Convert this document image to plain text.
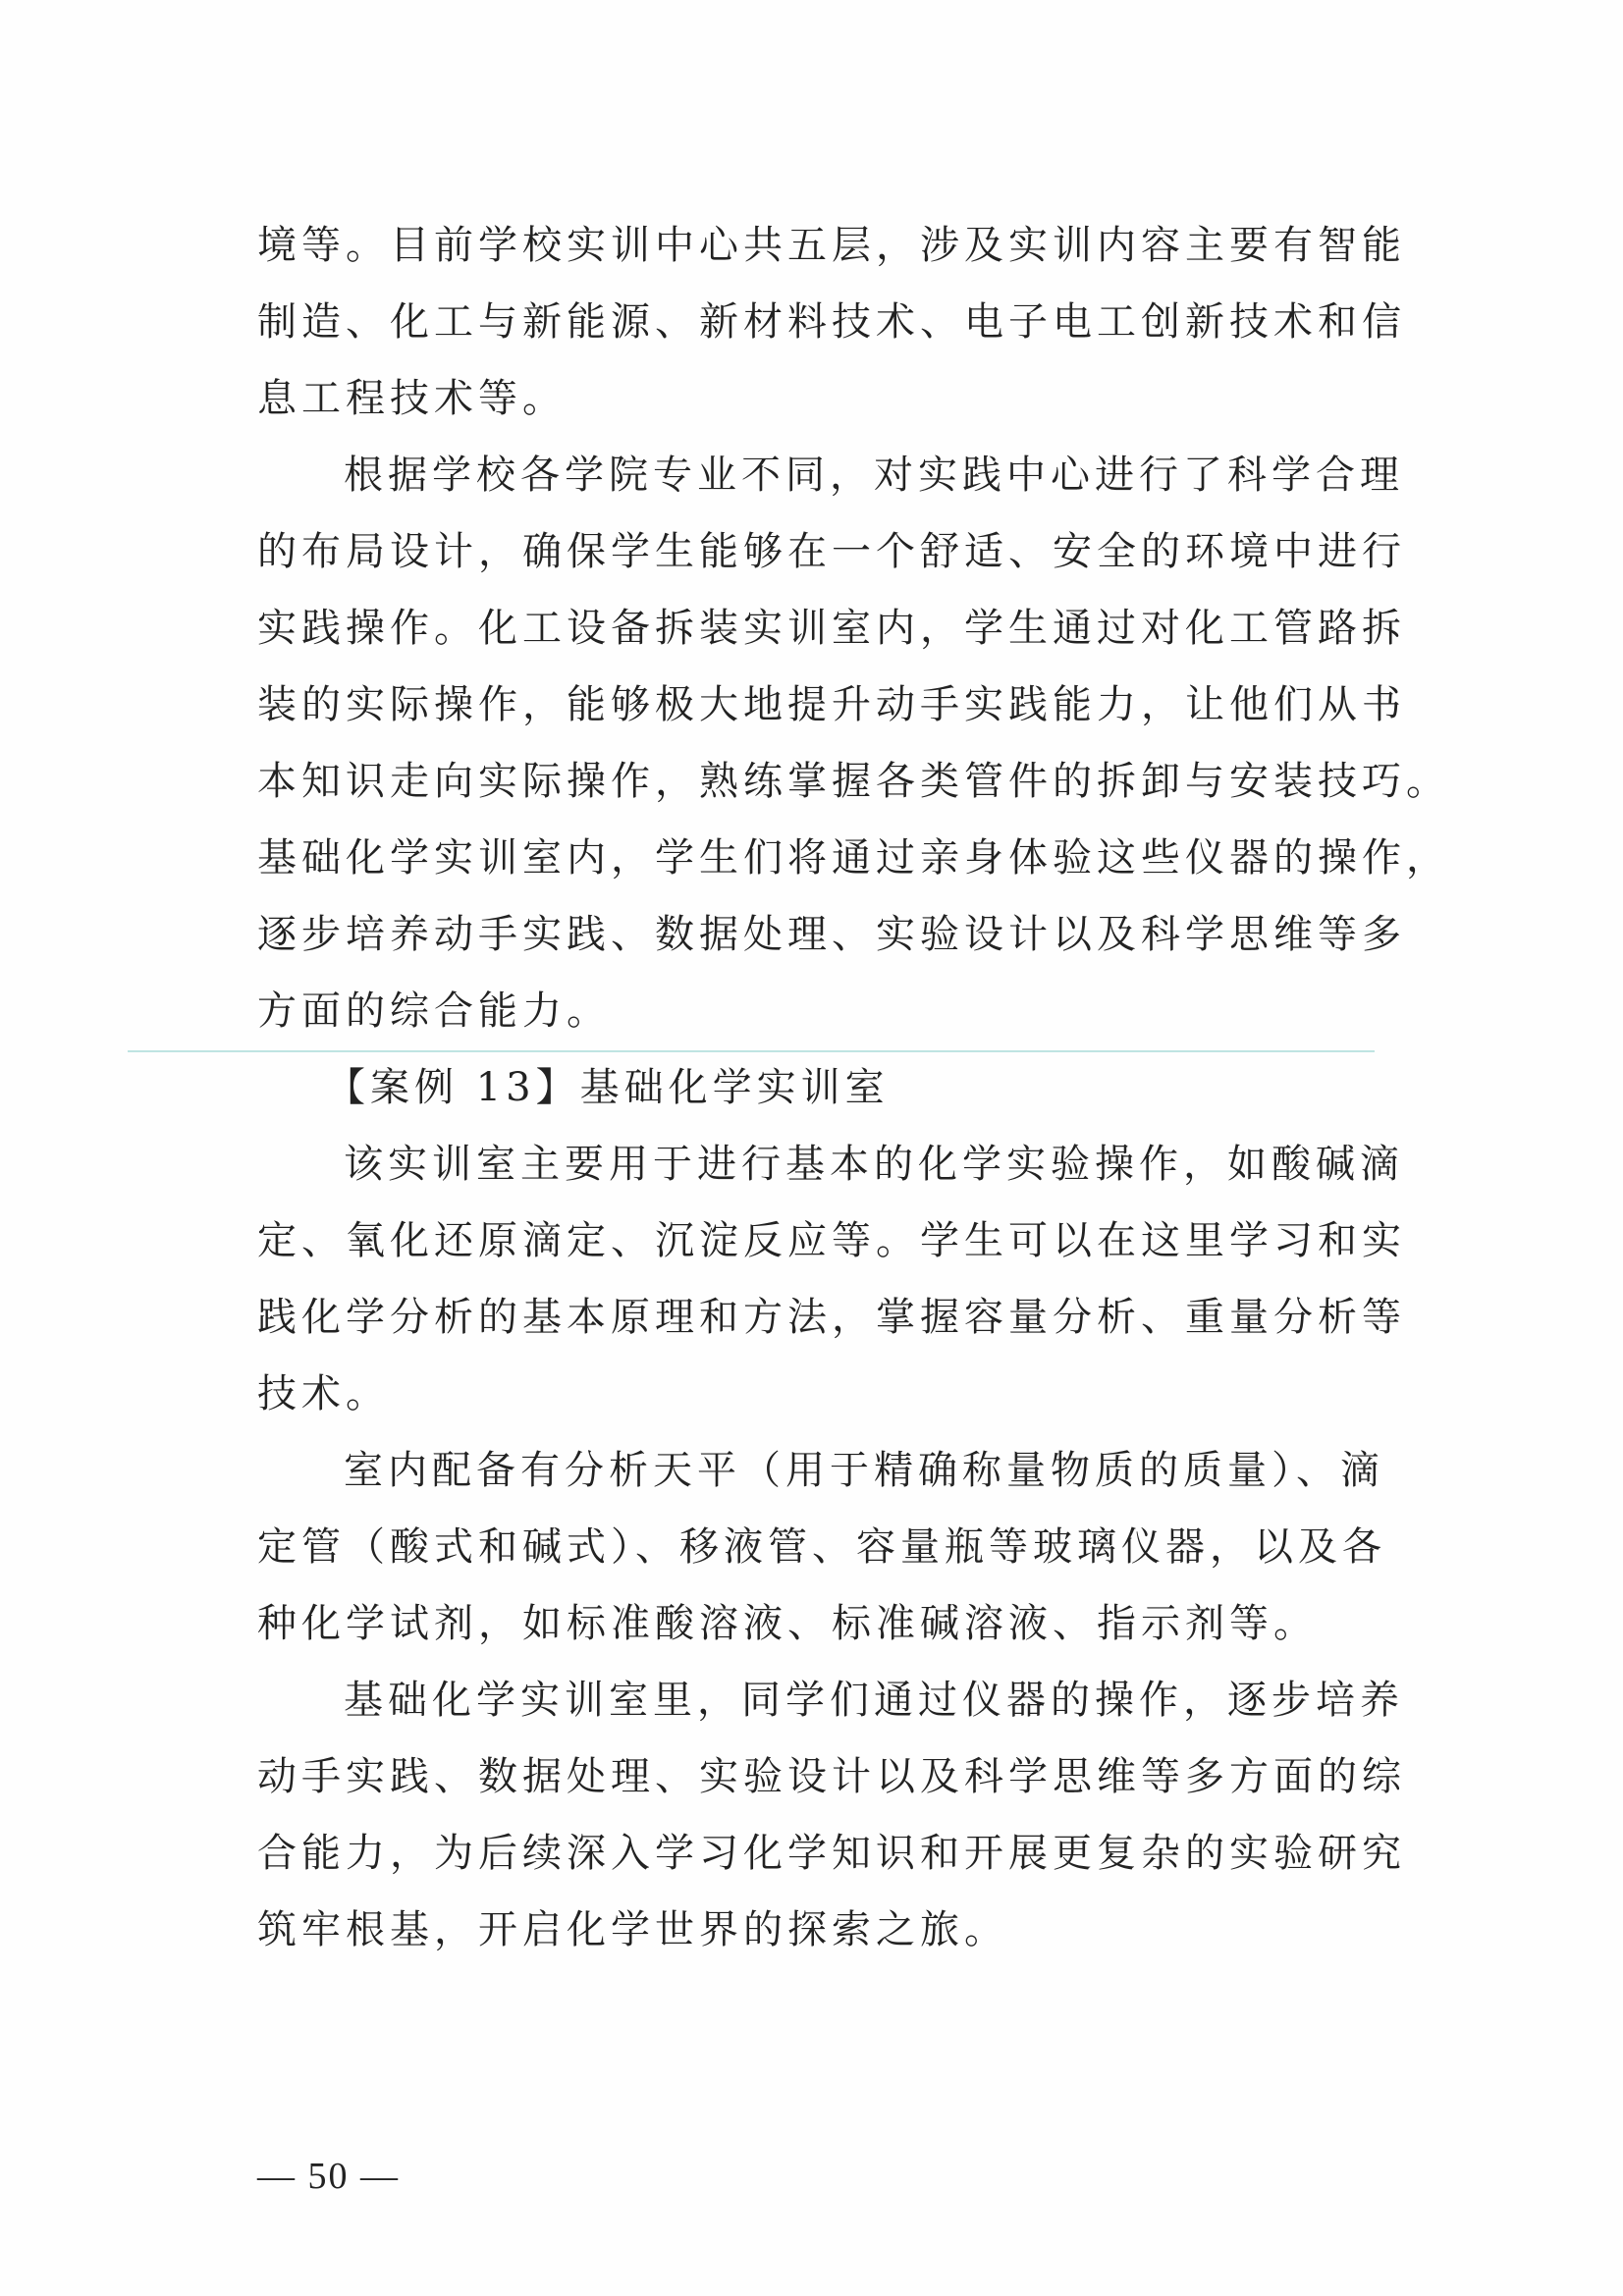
境等。目前学校实训中心共五层，涉及实训内容主要有智能
制造、化工与新能源、新材料技术、电子电工创新技术和信
息工程技术等。
根据学校各学院专业不同，对实践中心进行了科学合理
的布局设计，确保学生能够在一个舒适、安全的环境中进行
实践操作。化工设备拆装实训室内，学生通过对化工管路拆
装的实际操作，能够极大地提升动手实践能力，让他们从书
本知识走向实际操作，熟练掌握各类管件的拆卸与安装技巧。
基础化学实训室内，学生们将通过亲身体验这些仪器的操作，
逐步培养动手实践、数据处理、实验设计以及科学思维等多
方面的综合能力。
【案例 13】基础化学实训室
该实训室主要用于进行基本的化学实验操作，如酸碱滴
定、氧化还原滴定、沉淀反应等。学生可以在这里学习和实
践化学分析的基本原理和方法，掌握容量分析、重量分析等
技术。
室内配备有分析天平（用于精确称量物质的质量）、滴
定管（酸式和碱式）、移液管、容量瓶等玻璃仪器，以及各
种化学试剂，如标准酸溶液、标准碱溶液、指示剂等。
基础化学实训室里，同学们通过仪器的操作，逐步培养
动手实践、数据处理、实验设计以及科学思维等多方面的综
合能力，为后续深入学习化学知识和开展更复杂的实验研究
筑牢根基，开启化学世界的探索之旅。
— 50 —
